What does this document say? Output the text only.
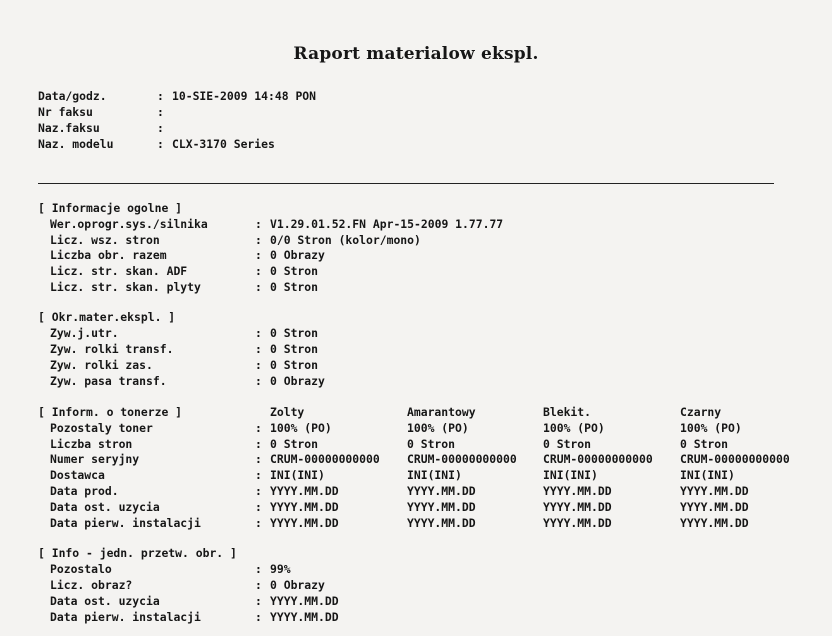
Raport materialow ekspl.
Data/godz.	: 10-SIE-2009 14:48 PON
Nr faksu	:
Naz.faksu	:
Naz. modelu	: CLX-3170 Series
[ Informacje ogolne ]
Wer.oprogr.sys./silnika	: V1.29.01.52.FN Apr-15-2009 1.77.77
Licz. wsz. stron	: 0/0 Stron (kolor/mono)
Liczba obr. razem	: 0 Obrazy
Licz. str. skan. ADF	: 0 Stron
Licz. str. skan. plyty	: 0 Stron
[ Okr.mater.ekspl. ]
Zyw.j.utr.	: 0 Stron
Zyw. rolki transf.	: 0 Stron
Zyw. rolki zas.	: 0 Stron
Zyw. pasa transf.	: 0 Obrazy
[ Inform. o tonerze ]	Zolty	Amarantowy	Blekit.	Czarny
Pozostaly toner	: 100% (PO)	100% (PO)	100% (PO)	100% (PO)
Liczba stron	: 0 Stron	0 Stron	0 Stron	0 Stron
Numer seryjny	: CRUM-00000000000 CRUM-00000000000 CRUM-00000000000 CRUM-00000000000
Dostawca	: INI(INI)	INI(INI)	INI(INI)	INI(INI)
Data prod.	: YYYY.MM.DD	YYYY.MM.DD	YYYY.MM.DD	YYYY.MM.DD
Data ost. uzycia	: YYYY.MM.DD	YYYY.MM.DD	YYYY.MM.DD	YYYY.MM.DD
Data pierw. instalacji	: YYYY.MM.DD	YYYY.MM.DD	YYYY.MM.DD	YYYY.MM.DD
[ Info - jedn. przetw. obr. ]
Pozostalo	: 99%
Licz. obraz?	: 0 Obrazy
Data ost. uzycia	: YYYY.MM.DD
Data pierw. instalacji	: YYYY.MM.DD
